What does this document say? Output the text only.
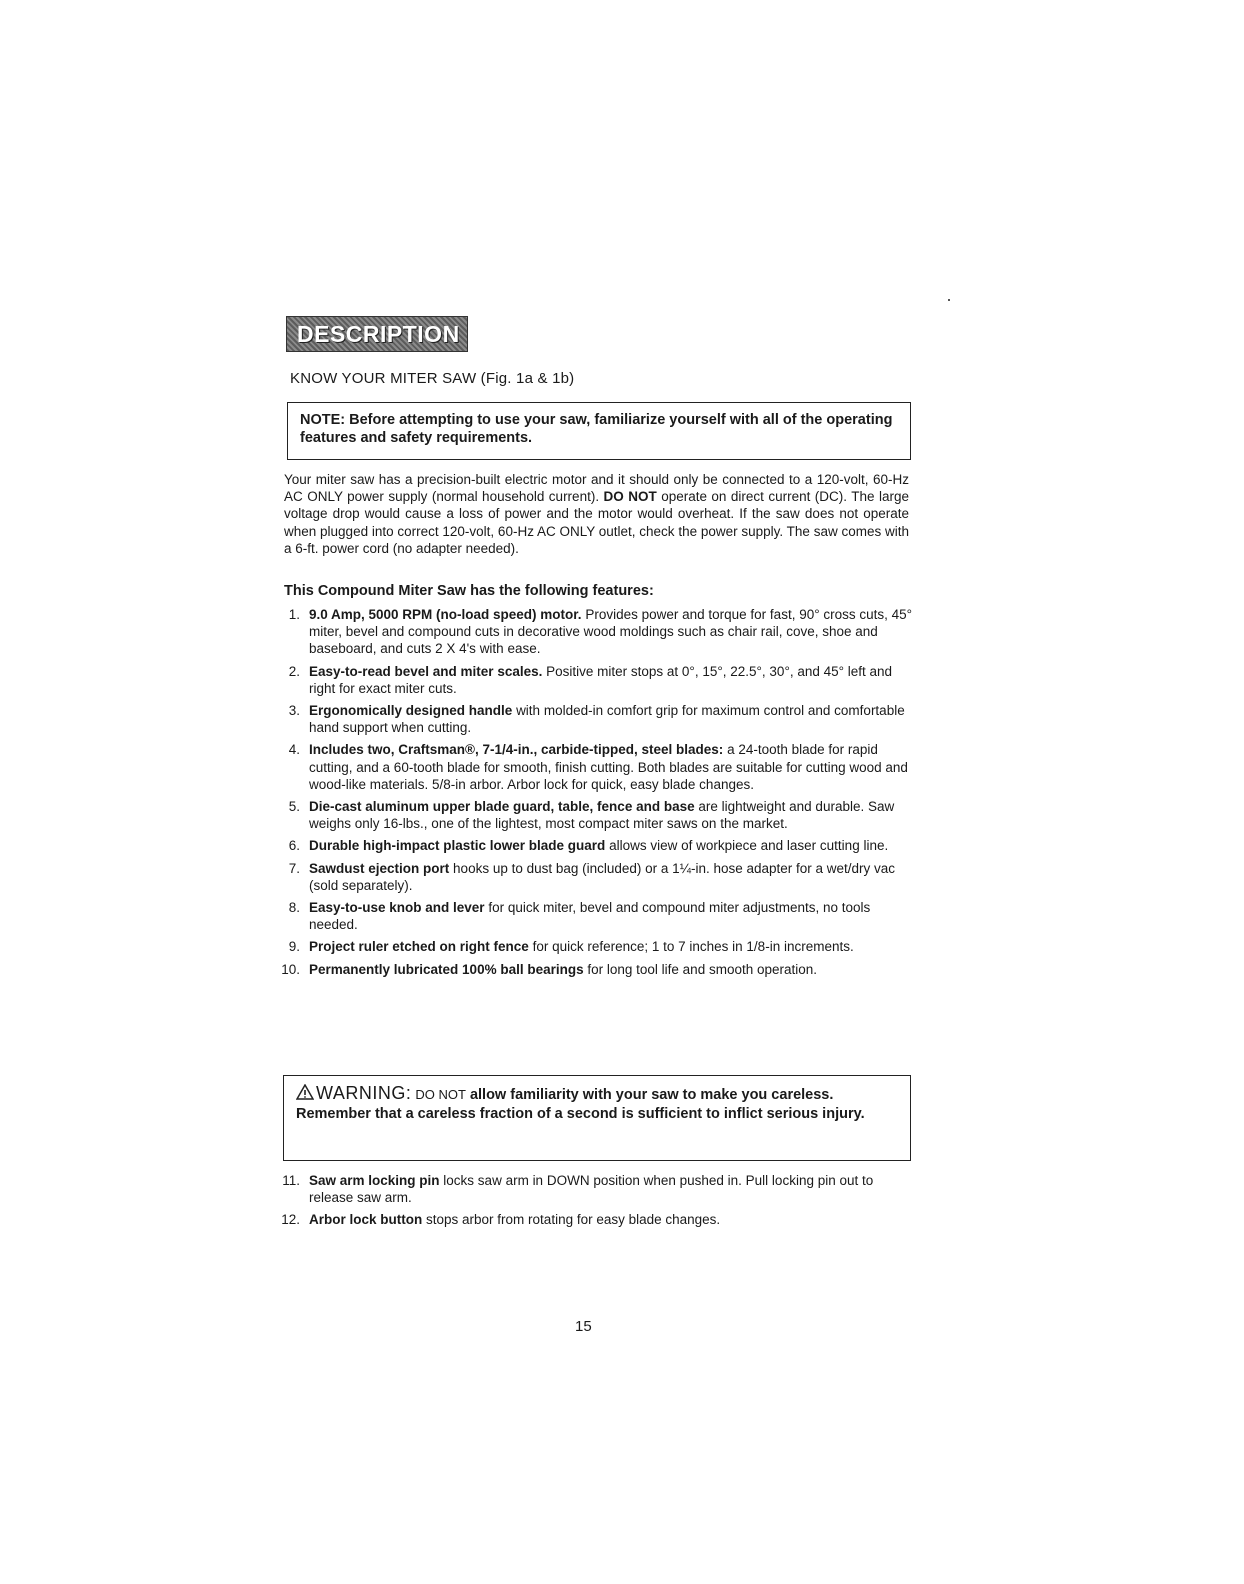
DESCRIPTION
KNOW YOUR MITER SAW (Fig. 1a & 1b)
NOTE: Before attempting to use your saw, familiarize yourself with all of the operating features and safety requirements.
Your miter saw has a precision-built electric motor and it should only be connected to a 120-volt, 60-Hz AC ONLY power supply (normal household current). DO NOT operate on direct current (DC). The large voltage drop would cause a loss of power and the motor would overheat. If the saw does not operate when plugged into correct 120-volt, 60-Hz AC ONLY outlet, check the power supply. The saw comes with a 6-ft. power cord (no adapter needed).
This Compound Miter Saw has the following features:
1. 9.0 Amp, 5000 RPM (no-load speed) motor. Provides power and torque for fast, 90° cross cuts, 45° miter, bevel and compound cuts in decorative wood moldings such as chair rail, cove, shoe and baseboard, and cuts 2 X 4's with ease.
2. Easy-to-read bevel and miter scales. Positive miter stops at 0°, 15°, 22.5°, 30°, and 45° left and right for exact miter cuts.
3. Ergonomically designed handle with molded-in comfort grip for maximum control and comfortable hand support when cutting.
4. Includes two, Craftsman®, 7-1/4-in., carbide-tipped, steel blades: a 24-tooth blade for rapid cutting, and a 60-tooth blade for smooth, finish cutting. Both blades are suitable for cutting wood and wood-like materials. 5/8-in arbor. Arbor lock for quick, easy blade changes.
5. Die-cast aluminum upper blade guard, table, fence and base are lightweight and durable. Saw weighs only 16-lbs., one of the lightest, most compact miter saws on the market.
6. Durable high-impact plastic lower blade guard allows view of workpiece and laser cutting line.
7. Sawdust ejection port hooks up to dust bag (included) or a 1¼-in. hose adapter for a wet/dry vac (sold separately).
8. Easy-to-use knob and lever for quick miter, bevel and compound miter adjustments, no tools needed.
9. Project ruler etched on right fence for quick reference; 1 to 7 inches in 1/8-in increments.
10. Permanently lubricated 100% ball bearings for long tool life and smooth operation.
WARNING: DO NOT allow familiarity with your saw to make you careless. Remember that a careless fraction of a second is sufficient to inflict serious injury.
11. Saw arm locking pin locks saw arm in DOWN position when pushed in. Pull locking pin out to release saw arm.
12. Arbor lock button stops arbor from rotating for easy blade changes.
15
